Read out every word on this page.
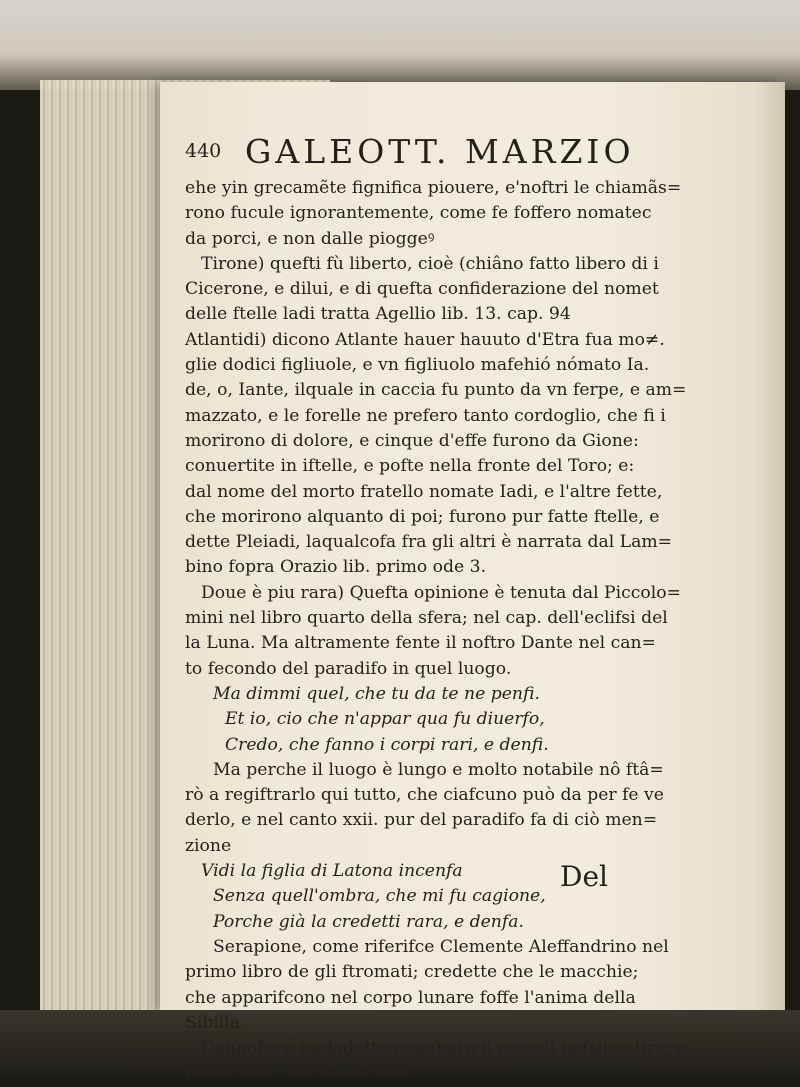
440 GALEOTT. MARZIO
ehe yin grecamẽte fignifica piouere, e'noftri le chiamãs=
rono fucule ignorantemente, come fe foffero nomatec
da porci, e non dalle pioggeꝰ
Tirone) quefti fù liberto, cioè (chiâno fatto libero di i
Cicerone, e dilui, e di quefta confiderazione del nomet
delle ftelle ladi tratta Agellio lib. 13. cap. 94
Atlantidi) dicono Atlante hauer hauuto d'Etra fua mo≠.
glie dodici figliuole, e vn figliuolo mafehió nómato Ia.
de, o, Iante, ilquale in caccia fu punto da vn ferpe, e am=
mazzato, e le forelle ne prefero tanto cordoglio, che fi i
morirono di dolore, e cinque d'effe furono da Gione:
conuertite in iftelle, e pofte nella fronte del Toro; e:
dal nome del morto fratello nomate Iadi, e l'altre fette,
che morirono alquanto di poi; furono pur fatte ftelle, e
dette Pleiadi, laqualcofa fra gli altri è narrata dal Lam=
bino fopra Orazio lib. primo ode 3.
Doue è piu rara) Quefta opinione è tenuta dal Piccolo=
mini nel libro quarto della sfera; nel cap. dell'eclifsi del
la Luna. Ma altramente fente il noftro Dante nel can=
to fecondo del paradifo in quel luogo.
Ma dimmi quel, che tu da te ne penfi.
Et io, cio che n'appar qua fu diuerfo,
Credo, che fanno i corpi rari, e denfi.
Ma perche il luogo è lungo e molto notabile nô ftâ=
rò a regiftrarlo qui tutto, che ciafcuno può da per fe ve
derlo, e nel canto xxii. pur del paradifo fa di ciò men=
zione
Vidi la figlia di Latona incenfa
Senza quell'ombra, che mi fu cagione,
Porche già la credetti rara, e denfa.
Serapione, come riferifce Clemente Aleffandrino nel
primo libro de gli ftromati; credette che le macchie;
che apparifcono nel corpo lunare foffe l'anima della
Sibilla.
Dannofo, è maladetto cane) era il cane il pefsimo tiro; o
punto che cadeua da dadi.
Del
